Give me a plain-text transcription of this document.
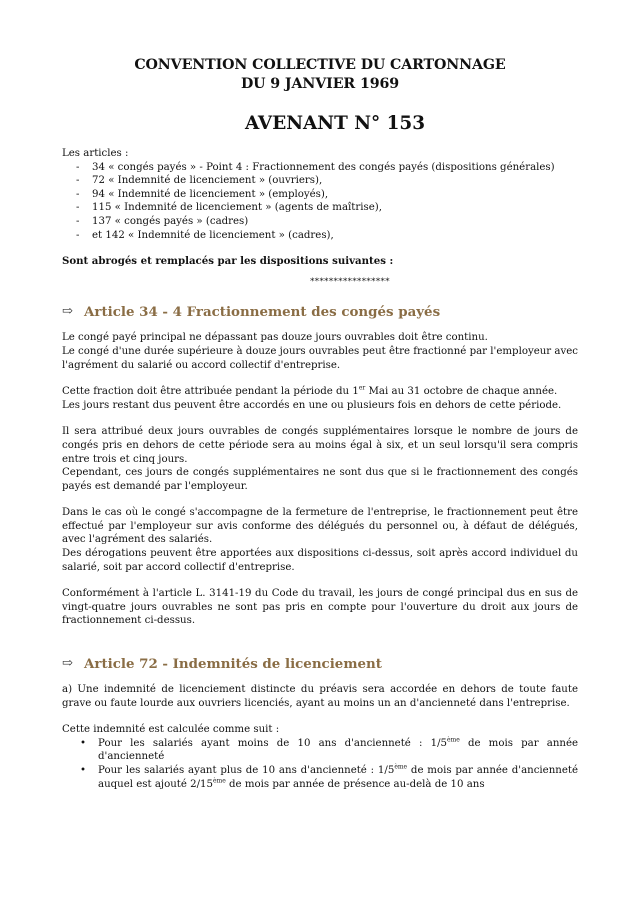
CONVENTION COLLECTIVE DU CARTONNAGE
DU 9 JANVIER 1969
AVENANT N° 153

Les articles :

- 34 « congés payés » - Point 4 : Fractionnement des congés payés (dispositions générales)
- 72 « Indemnité de licenciement » (ouvriers),
- 94 « Indemnité de licenciement » (employés),
- 115 « Indemnité de licenciement » (agents de maîtrise),
- 137 « congés payés » (cadres)
- et 142 « Indemnité de licenciement » (cadres),

Sont abrogés et remplacés par les dispositions suivantes :

*****************
⇨ Article 34 - 4 Fractionnement des congés payés

Le congé payé principal ne dépassant pas douze jours ouvrables doit être continu.

Le congé d'une durée supérieure à douze jours ouvrables peut être fractionné par l'employeur avec l'agrément du salarié ou accord collectif d'entreprise.

Cette fraction doit être attribuée pendant la période du 1er Mai au 31 octobre de chaque année.

Les jours restant dus peuvent être accordés en une ou plusieurs fois en dehors de cette période.

Il sera attribué deux jours ouvrables de congés supplémentaires lorsque le nombre de jours de congés pris en dehors de cette période sera au moins égal à six, et un seul lorsqu'il sera compris entre trois et cinq jours.

Cependant, ces jours de congés supplémentaires ne sont dus que si le fractionnement des congés payés est demandé par l'employeur.

Dans le cas où le congé s'accompagne de la fermeture de l'entreprise, le fractionnement peut être effectué par l'employeur sur avis conforme des délégués du personnel ou, à défaut de délégués, avec l'agrément des salariés.

Des dérogations peuvent être apportées aux dispositions ci-dessus, soit après accord individuel du salarié, soit par accord collectif d'entreprise.

Conformément à l'article L. 3141-19 du Code du travail, les jours de congé principal dus en sus de vingt-quatre jours ouvrables ne sont pas pris en compte pour l'ouverture du droit aux jours de fractionnement ci-dessus.

⇨ Article 72 - Indemnités de licenciement

a) Une indemnité de licenciement distincte du préavis sera accordée en dehors de toute faute grave ou faute lourde aux ouvriers licenciés, ayant au moins un an d'ancienneté dans l'entreprise.

Cette indemnité est calculée comme suit :

• Pour les salariés ayant moins de 10 ans d'ancienneté : 1/5ème de mois par année d'ancienneté
• Pour les salariés ayant plus de 10 ans d'ancienneté : 1/5ème de mois par année d'ancienneté auquel est ajouté 2/15ème de mois par année de présence au-delà de 10 ans
